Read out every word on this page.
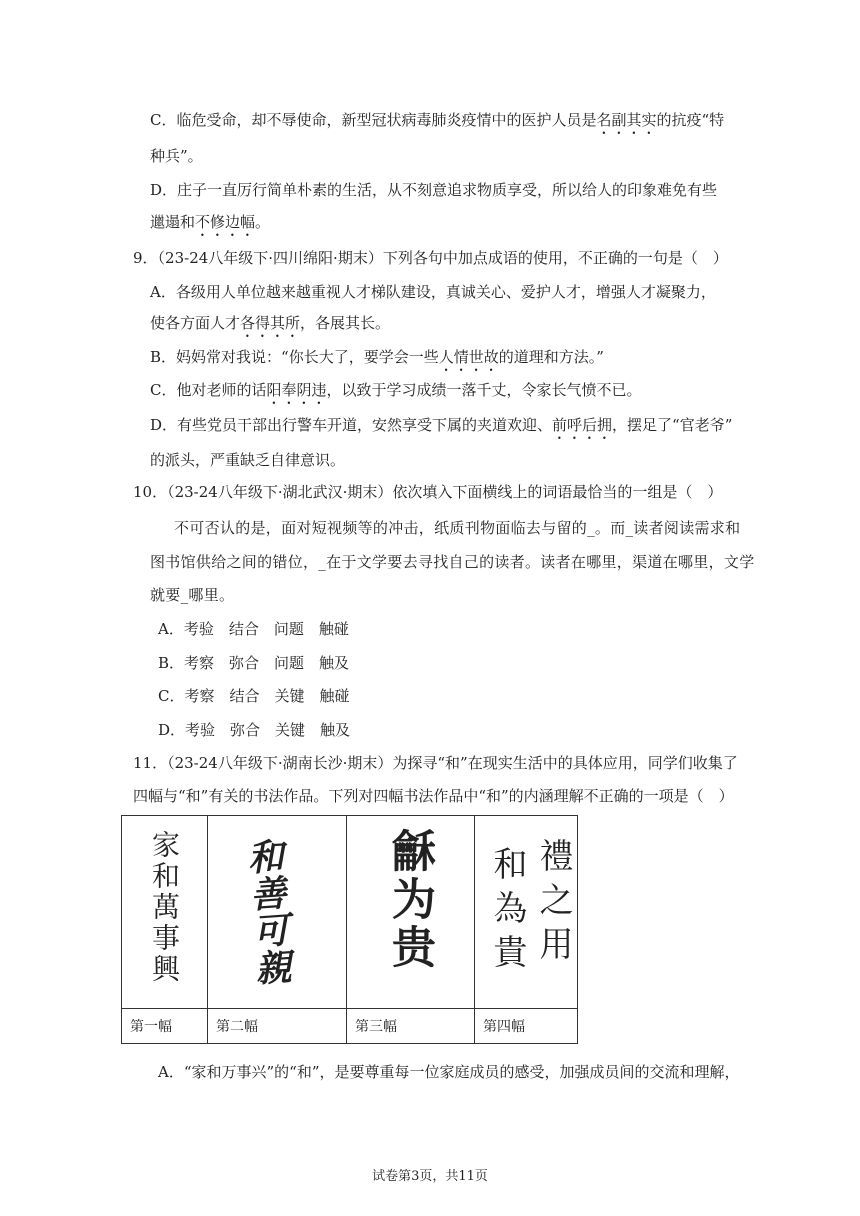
C．临危受命，却不辱使命，新型冠状病毒肺炎疫情中的医护人员是名副其实的抗疫“特
种兵”。
D．庄子一直厉行简单朴素的生活，从不刻意追求物质享受，所以给人的印象难免有些
邋遢和不修边幅。
9．（23-24八年级下·四川绵阳·期末）下列各句中加点成语的使用，不正确的一句是（　）
A．各级用人单位越来越重视人才梯队建设，真诚关心、爱护人才，增强人才凝聚力，
使各方面人才各得其所，各展其长。
B．妈妈常对我说：“你长大了，要学会一些人情世故的道理和方法。”
C．他对老师的话阳奉阴违，以致于学习成绩一落千丈，令家长气愤不已。
D．有些党员干部出行警车开道，安然享受下属的夹道欢迎、前呼后拥，摆足了“官老爷”
的派头，严重缺乏自律意识。
10．（23-24八年级下·湖北武汉·期末）依次填入下面横线上的词语最恰当的一组是（　）
不可否认的是，面对短视频等的冲击，纸质刊物面临去与留的_。而_读者阅读需求和
图书馆供给之间的错位，_在于文学要去寻找自己的读者。读者在哪里，渠道在哪里，文学
就要_哪里。
A．考验　结合　问题　触碰
B．考察　弥合　问题　触及
C．考察　结合　关键　触碰
D．考验　弥合　关键　触及
11．（23-24八年级下·湖南长沙·期末）为探寻“和”在现实生活中的具体应用，同学们收集了
四幅与“和”有关的书法作品。下列对四幅书法作品中“和”的内涵理解不正确的一项是（　）
家和萬事興	和善可親	龢为贵	禮之用
和為貴

第一幅	第二幅	第三幅	第四幅
A．“家和万事兴”的“和”，是要尊重每一位家庭成员的感受，加强成员间的交流和理解，
试卷第3页，共11页
